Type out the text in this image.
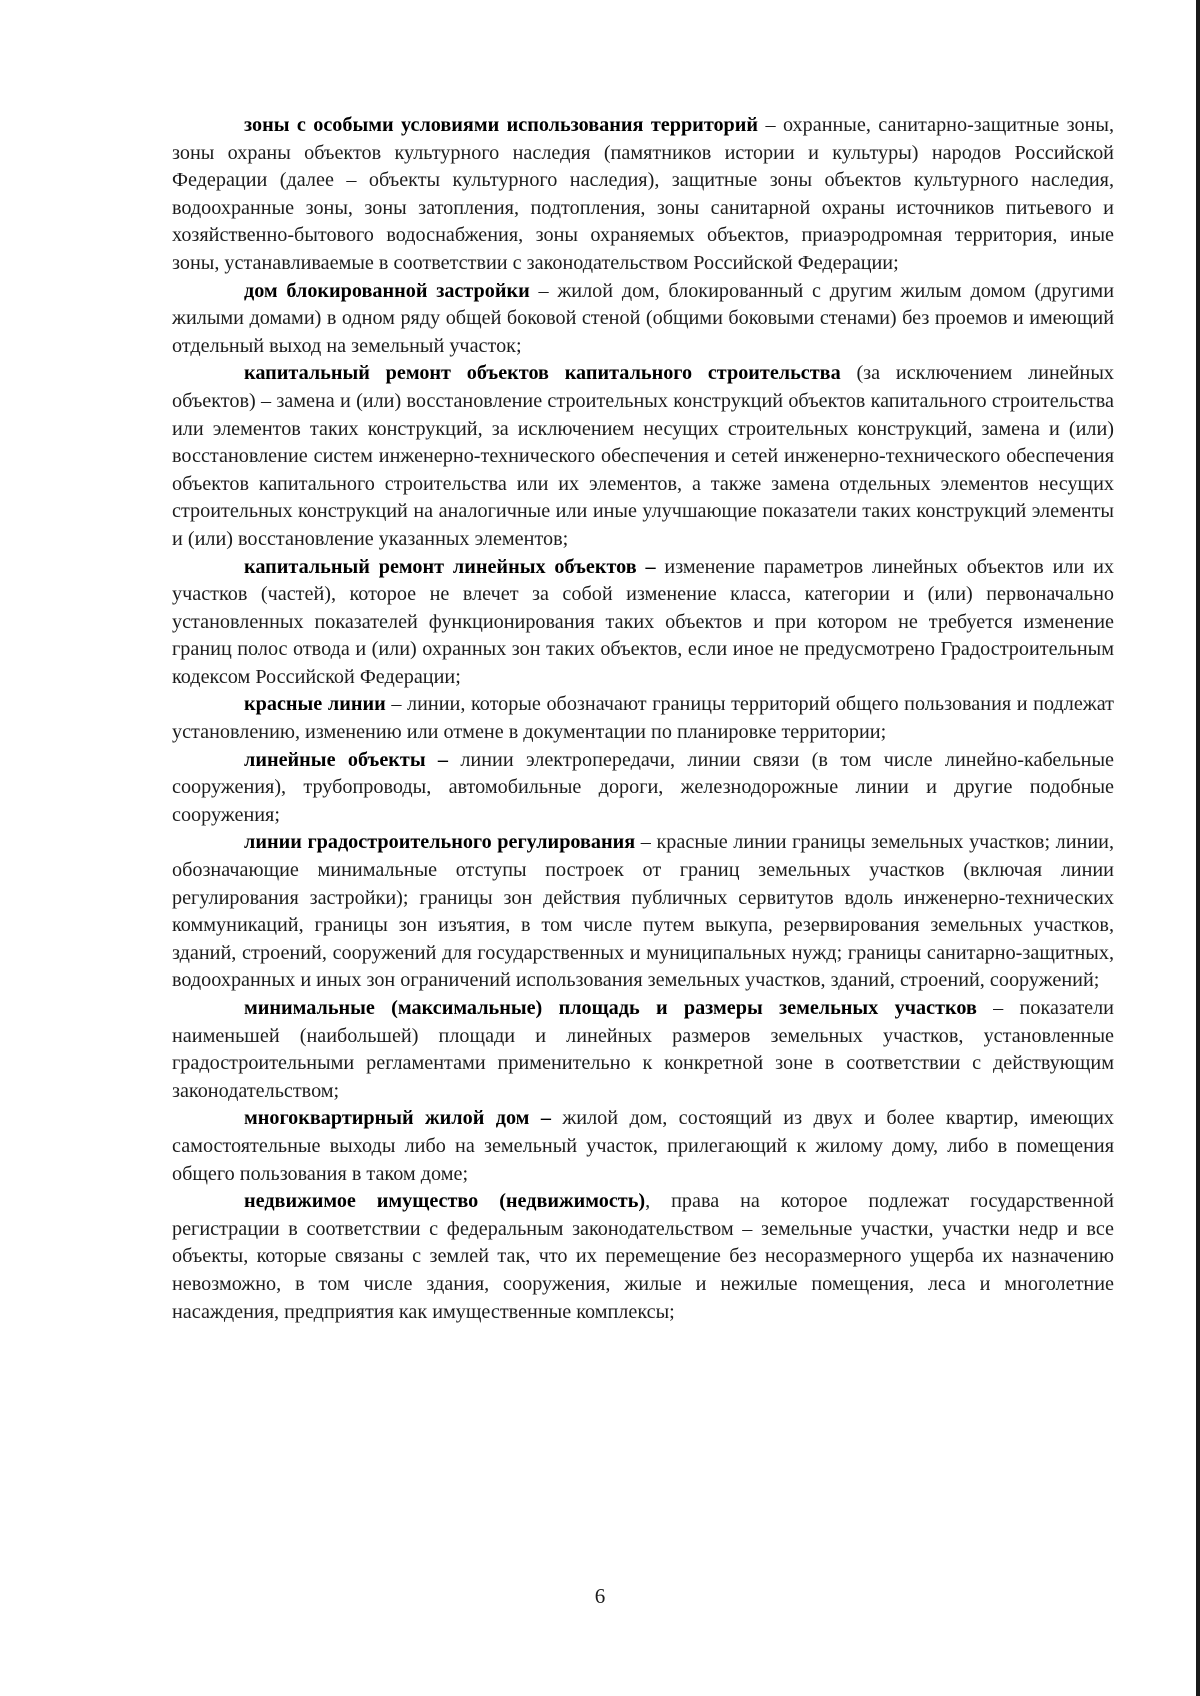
зоны с особыми условиями использования территорий – охранные, санитарно-защитные зоны, зоны охраны объектов культурного наследия (памятников истории и культуры) народов Российской Федерации (далее – объекты культурного наследия), защитные зоны объектов культурного наследия, водоохранные зоны, зоны затопления, подтопления, зоны санитарной охраны источников питьевого и хозяйственно-бытового водоснабжения, зоны охраняемых объектов, приаэродромная территория, иные зоны, устанавливаемые в соответствии с законодательством Российской Федерации;

дом блокированной застройки – жилой дом, блокированный с другим жилым домом (другими жилыми домами) в одном ряду общей боковой стеной (общими боковыми стенами) без проемов и имеющий отдельный выход на земельный участок;

капитальный ремонт объектов капитального строительства (за исключением линейных объектов) – замена и (или) восстановление строительных конструкций объектов капитального строительства или элементов таких конструкций, за исключением несущих строительных конструкций, замена и (или) восстановление систем инженерно-технического обеспечения и сетей инженерно-технического обеспечения объектов капитального строительства или их элементов, а также замена отдельных элементов несущих строительных конструкций на аналогичные или иные улучшающие показатели таких конструкций элементы и (или) восстановление указанных элементов;

капитальный ремонт линейных объектов – изменение параметров линейных объектов или их участков (частей), которое не влечет за собой изменение класса, категории и (или) первоначально установленных показателей функционирования таких объектов и при котором не требуется изменение границ полос отвода и (или) охранных зон таких объектов, если иное не предусмотрено Градостроительным кодексом Российской Федерации;

красные линии – линии, которые обозначают границы территорий общего пользования и подлежат установлению, изменению или отмене в документации по планировке территории;

линейные объекты – линии электропередачи, линии связи (в том числе линейно-кабельные сооружения), трубопроводы, автомобильные дороги, железнодорожные линии и другие подобные сооружения;

линии градостроительного регулирования – красные линии границы земельных участков; линии, обозначающие минимальные отступы построек от границ земельных участков (включая линии регулирования застройки); границы зон действия публичных сервитутов вдоль инженерно-технических коммуникаций, границы зон изъятия, в том числе путем выкупа, резервирования земельных участков, зданий, строений, сооружений для государственных и муниципальных нужд; границы санитарно-защитных, водоохранных и иных зон ограничений использования земельных участков, зданий, строений, сооружений;

минимальные (максимальные) площадь и размеры земельных участков – показатели наименьшей (наибольшей) площади и линейных размеров земельных участков, установленные градостроительными регламентами применительно к конкретной зоне в соответствии с действующим законодательством;

многоквартирный жилой дом – жилой дом, состоящий из двух и более квартир, имеющих самостоятельные выходы либо на земельный участок, прилегающий к жилому дому, либо в помещения общего пользования в таком доме;

недвижимое имущество (недвижимость), права на которое подлежат государственной регистрации в соответствии с федеральным законодательством – земельные участки, участки недр и все объекты, которые связаны с землей так, что их перемещение без несоразмерного ущерба их назначению невозможно, в том числе здания, сооружения, жилые и нежилые помещения, леса и многолетние насаждения, предприятия как имущественные комплексы;

6
